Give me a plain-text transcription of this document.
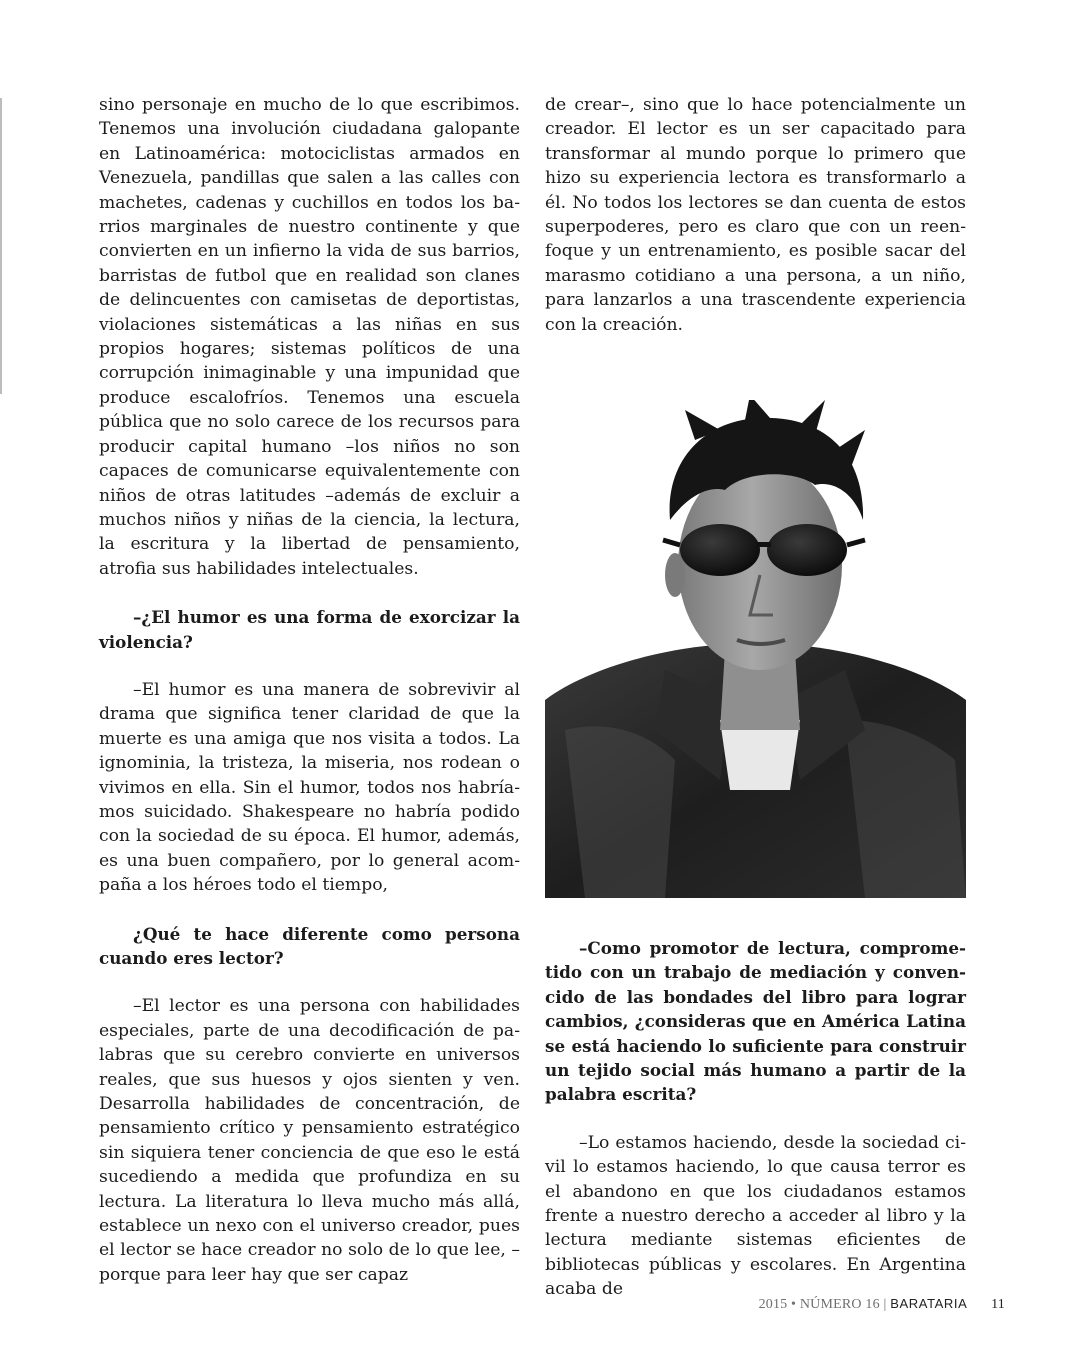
sino personaje en mucho de lo que escribimos. Tenemos una involución ciudadana galopante en Latinoamérica: motociclistas armados en Venezuela, pandillas que salen a las calles con machetes, cadenas y cuchillos en todos los barrios marginales de nuestro continente y que convierten en un infierno la vida de sus barrios, barristas de futbol que en realidad son clanes de delincuentes con camisetas de deportistas, violaciones sistemáticas a las niñas en sus propios hogares; sistemas políticos de una corrupción inimaginable y una impunidad que produce escalofríos. Tenemos una escuela pública que no solo carece de los recursos para producir capital humano –los niños no son capaces de comunicarse equivalentemente con niños de otras latitudes –además de excluir a muchos niños y niñas de la ciencia, la lectura, la escritura y la libertad de pensamiento, atrofia sus habilidades intelectuales.

–¿El humor es una forma de exorcizar la violencia?

–El humor es una manera de sobrevivir al drama que significa tener claridad de que la muerte es una amiga que nos visita a todos. La ignominia, la tristeza, la miseria, nos rodean o vivimos en ella. Sin el humor, todos nos habríamos suicidado. Shakespeare no habría podido con la sociedad de su época. El humor, además, es una buen compañero, por lo general acompaña a los héroes todo el tiempo,

¿Qué te hace diferente como persona cuando eres lector?

–El lector es una persona con habilidades especiales, parte de una decodificación de palabras que su cerebro convierte en universos reales, que sus huesos y ojos sienten y ven. Desarrolla habilidades de concentración, de pensamiento crítico y pensamiento estratégico sin siquiera tener conciencia de que eso le está sucediendo a medida que profundiza en su lectura. La literatura lo lleva mucho más allá, establece un nexo con el universo creador, pues el lector se hace creador no solo de lo que lee, –porque para leer hay que ser capaz

de crear–, sino que lo hace potencialmente un creador. El lector es un ser capacitado para transformar al mundo porque lo primero que hizo su experiencia lectora es transformarlo a él. No todos los lectores se dan cuenta de estos superpoderes, pero es claro que con un reenfoque y un entrenamiento, es posible sacar del marasmo cotidiano a una persona, a un niño, para lanzarlos a una trascendente experiencia con la creación.

–Como promotor de lectura, comprometido con un trabajo de mediación y convencido de las bondades del libro para lograr cambios, ¿consideras que en América Latina se está haciendo lo suficiente para construir un tejido social más humano a partir de la palabra escrita?

–Lo estamos haciendo, desde la sociedad civil lo estamos haciendo, lo que causa terror es el abandono en que los ciudadanos estamos frente a nuestro derecho a acceder al libro y la lectura mediante sistemas eficientes de bibliotecas públicas y escolares. En Argentina acaba de

2015 • NÚMERO 16 | BARATARIA 11
